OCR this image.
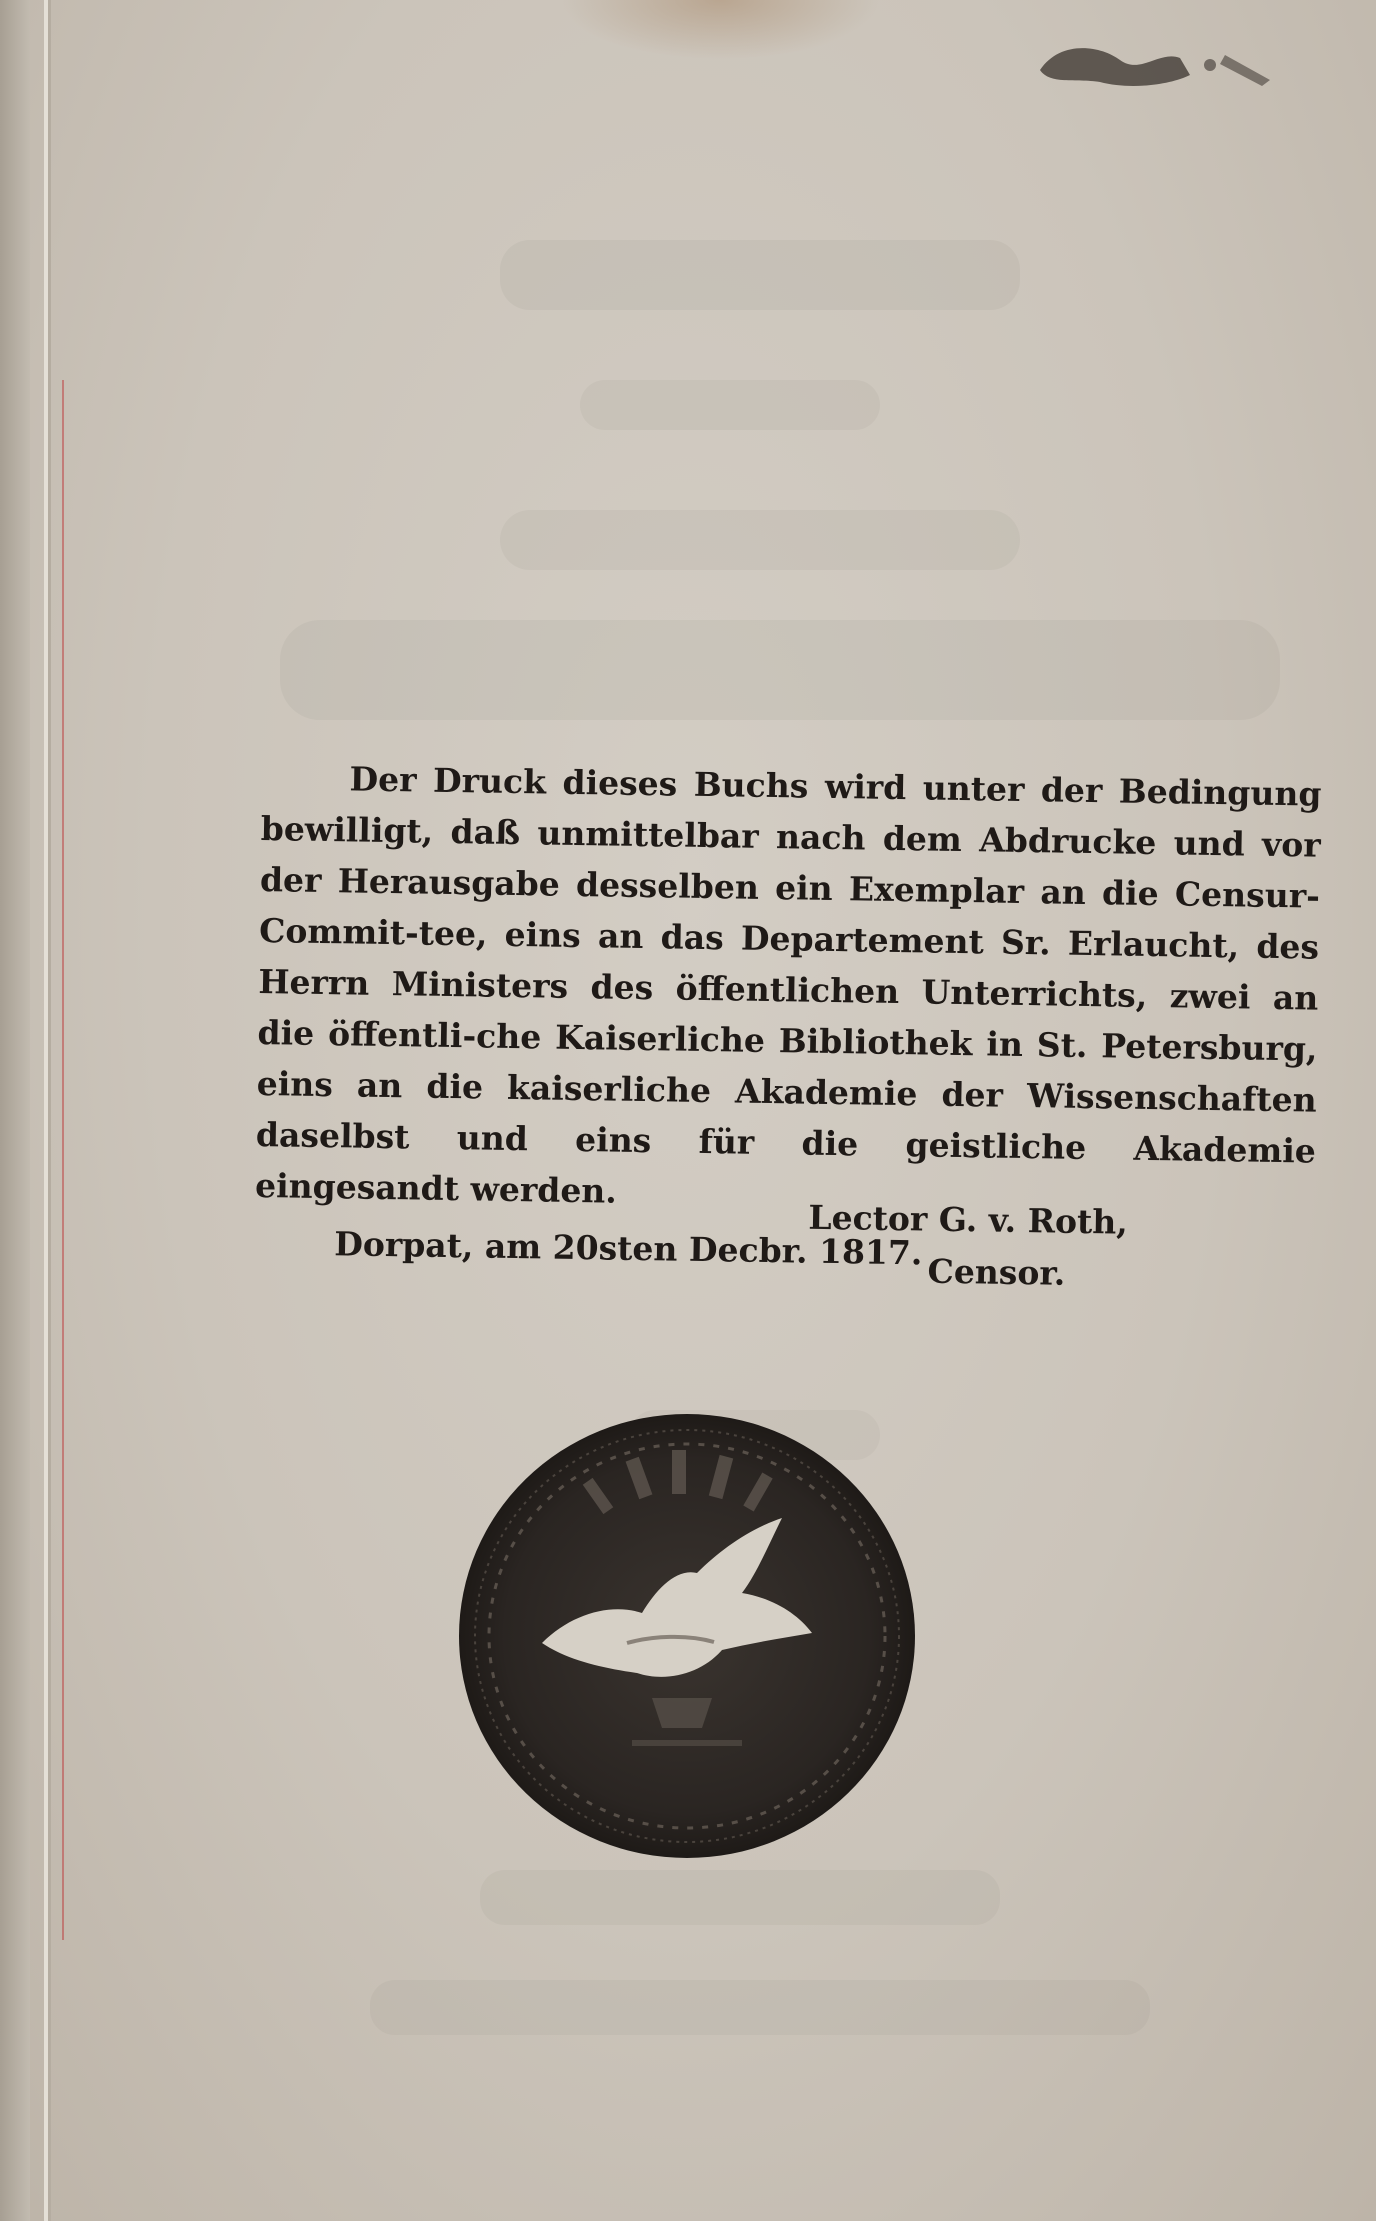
Der Druck dieses Buchs wird unter der Bedingung bewilligt, daß unmittelbar nach dem Abdrucke und vor der Herausgabe desselben ein Exemplar an die Censur-Commit-tee, eins an das Departement Sr. Erlaucht, des Herrn Ministers des öffentlichen Unterrichts, zwei an die öffentli-che Kaiserliche Bibliothek in St. Petersburg, eins an die kaiserliche Akademie der Wissenschaften daselbst und eins für die geistliche Akademie eingesandt werden.

Dorpat, am 20sten Decbr. 1817.

Lector G. v. Roth,
Censor.
